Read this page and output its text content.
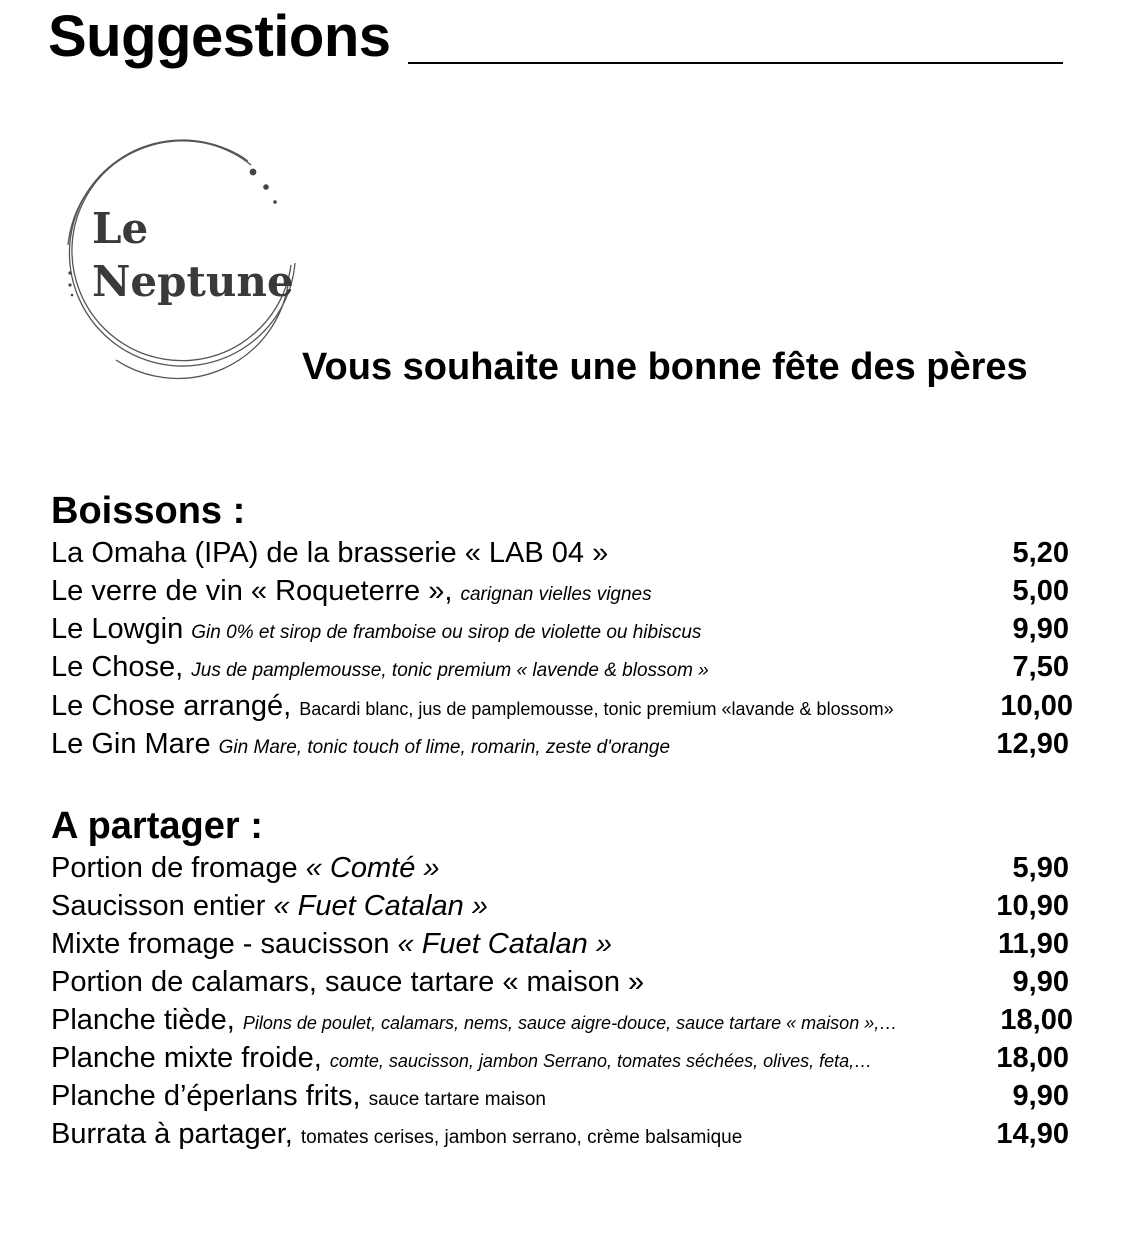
Suggestions
Le
Neptune
Vous souhaite une bonne fête des pères
Boissons :
La Omaha (IPA) de la brasserie « LAB 04 »	5,20
Le verre de vin « Roqueterre », carignan vielles vignes	5,00
Le Lowgin Gin 0% et sirop de framboise ou sirop de violette ou hibiscus	9,90
Le Chose, Jus de pamplemousse, tonic premium « lavende & blossom »	7,50
Le Chose arrangé, Bacardi blanc, jus de pamplemousse, tonic premium «lavande & blossom»	10,00
Le Gin Mare Gin Mare, tonic touch of lime, romarin, zeste d'orange	12,90
A partager :
Portion de fromage « Comté »	5,90
Saucisson entier « Fuet Catalan »	10,90
Mixte fromage - saucisson « Fuet Catalan »	11,90
Portion de calamars, sauce tartare « maison »	9,90
Planche tiède, Pilons de poulet, calamars, nems, sauce aigre-douce, sauce tartare « maison »,…	18,00
Planche mixte froide, comte, saucisson, jambon Serrano, tomates séchées, olives, feta,…	18,00
Planche d’éperlans frits, sauce tartare maison	9,90
Burrata à partager, tomates cerises, jambon serrano, crème balsamique	14,90
